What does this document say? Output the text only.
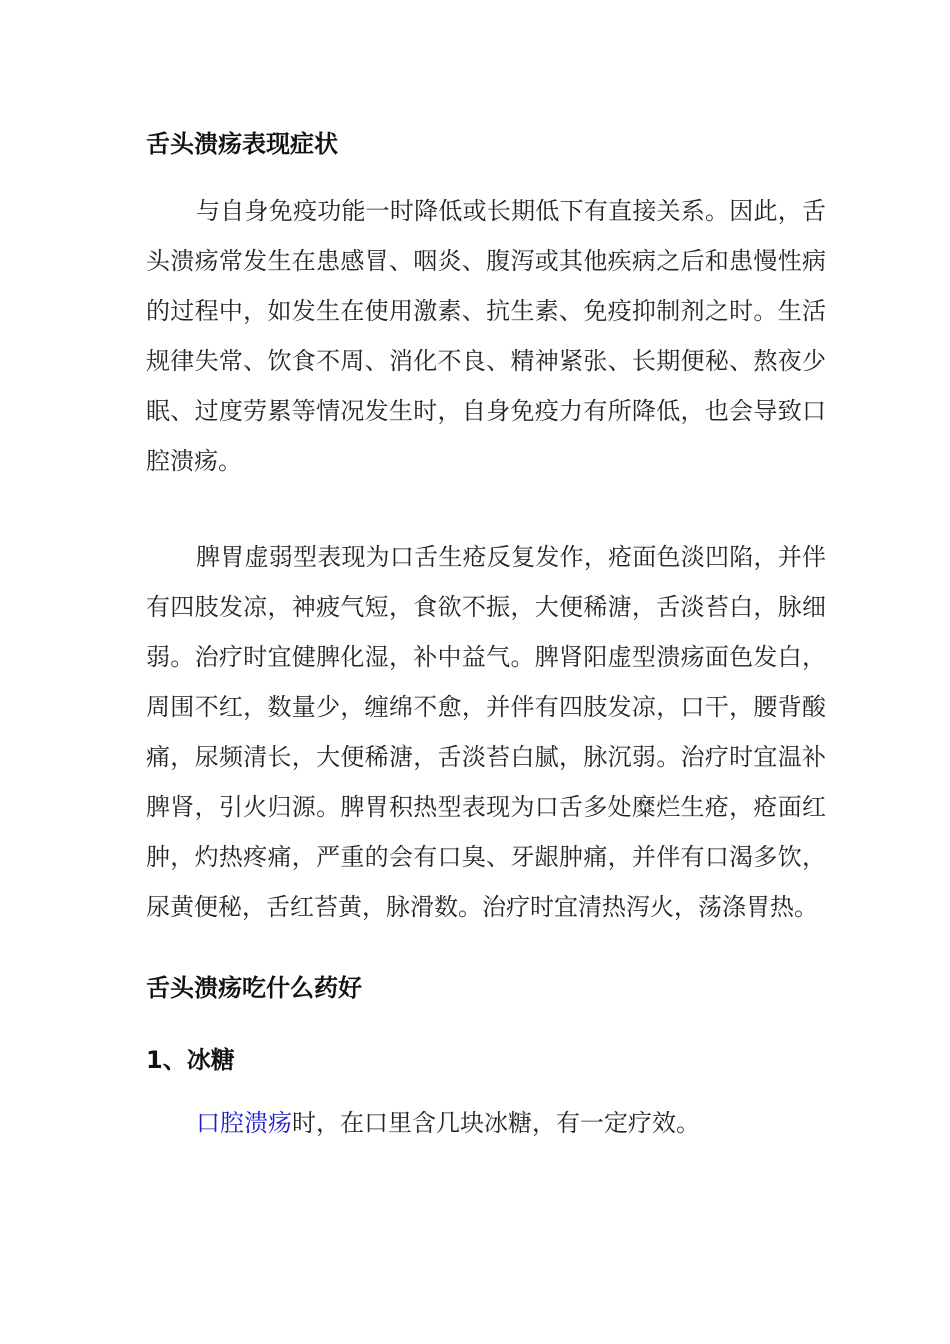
舌头溃疡表现症状

与自身免疫功能一时降低或长期低下有直接关系。因此，舌头溃疡常发生在患感冒、咽炎、腹泻或其他疾病之后和患慢性病的过程中，如发生在使用激素、抗生素、免疫抑制剂之时。生活规律失常、饮食不周、消化不良、精神紧张、长期便秘、熬夜少眠、过度劳累等情况发生时，自身免疫力有所降低，也会导致口腔溃疡。

脾胃虚弱型表现为口舌生疮反复发作，疮面色淡凹陷，并伴有四肢发凉，神疲气短，食欲不振，大便稀溏，舌淡苔白，脉细弱。治疗时宜健脾化湿，补中益气。脾肾阳虚型溃疡面色发白，周围不红，数量少，缠绵不愈，并伴有四肢发凉，口干，腰背酸痛，尿频清长，大便稀溏，舌淡苔白腻，脉沉弱。治疗时宜温补脾肾，引火归源。脾胃积热型表现为口舌多处糜烂生疮，疮面红肿，灼热疼痛，严重的会有口臭、牙龈肿痛，并伴有口渴多饮，尿黄便秘，舌红苔黄，脉滑数。治疗时宜清热泻火，荡涤胃热。

舌头溃疡吃什么药好
1、冰糖

口腔溃疡时，在口里含几块冰糖，有一定疗效。
